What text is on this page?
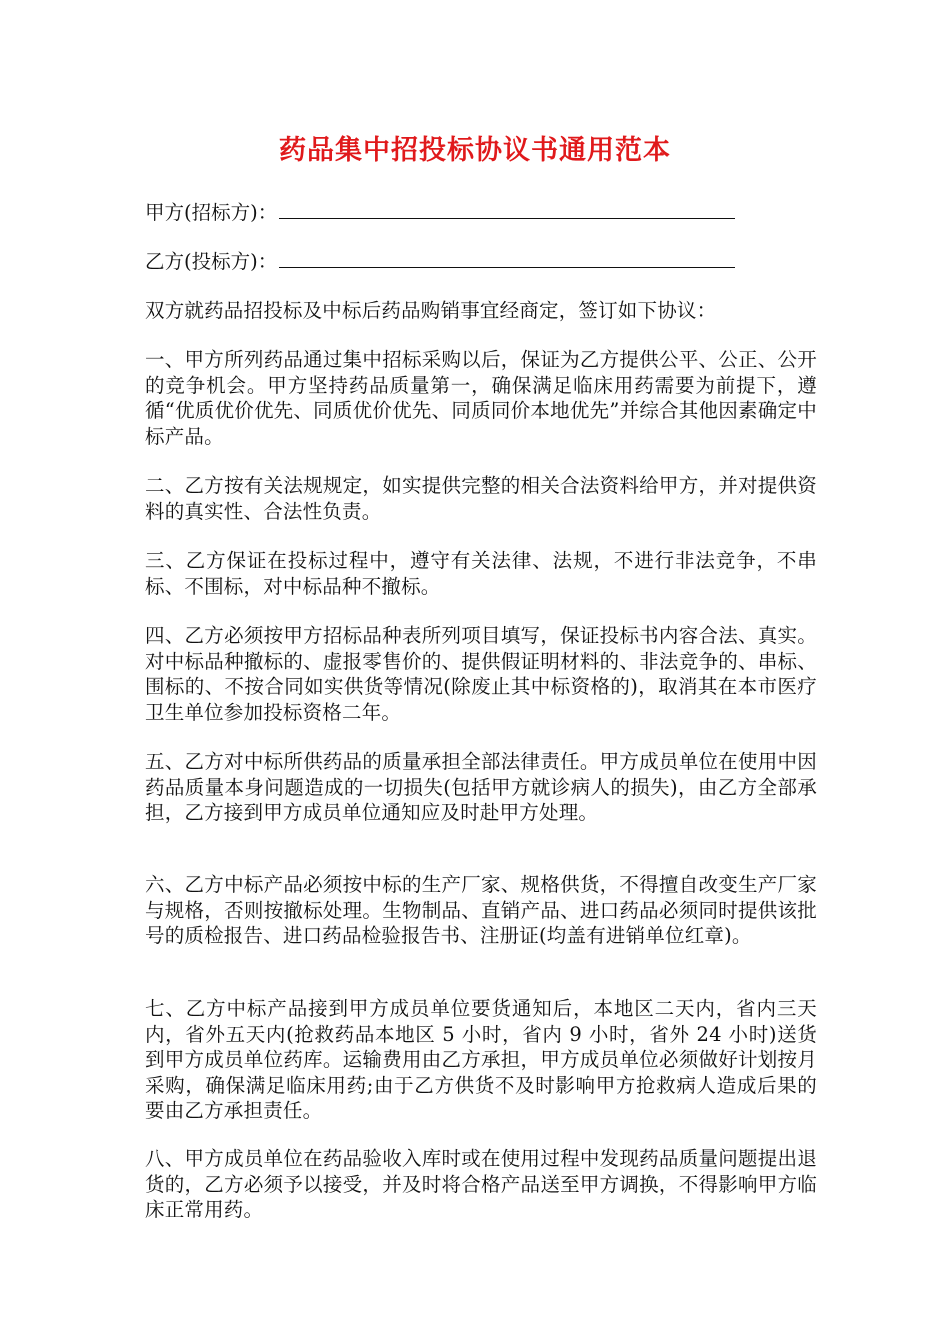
药品集中招投标协议书通用范本
甲方(招标方)：
乙方(投标方)：

双方就药品招投标及中标后药品购销事宜经商定，签订如下协议：

一、甲方所列药品通过集中招标采购以后，保证为乙方提供公平、公正、公开的竞争机会。甲方坚持药品质量第一，确保满足临床用药需要为前提下，遵循“优质优价优先、同质优价优先、同质同价本地优先”并综合其他因素确定中标产品。

二、乙方按有关法规规定，如实提供完整的相关合法资料给甲方，并对提供资料的真实性、合法性负责。

三、乙方保证在投标过程中，遵守有关法律、法规，不进行非法竞争，不串标、不围标，对中标品种不撤标。

四、乙方必须按甲方招标品种表所列项目填写，保证投标书内容合法、真实。对中标品种撤标的、虚报零售价的、提供假证明材料的、非法竞争的、串标、围标的、不按合同如实供货等情况(除废止其中标资格的)，取消其在本市医疗卫生单位参加投标资格二年。

五、乙方对中标所供药品的质量承担全部法律责任。甲方成员单位在使用中因药品质量本身问题造成的一切损失(包括甲方就诊病人的损失)，由乙方全部承担，乙方接到甲方成员单位通知应及时赴甲方处理。

六、乙方中标产品必须按中标的生产厂家、规格供货，不得擅自改变生产厂家与规格，否则按撤标处理。生物制品、直销产品、进口药品必须同时提供该批号的质检报告、进口药品检验报告书、注册证(均盖有进销单位红章)。

七、乙方中标产品接到甲方成员单位要货通知后，本地区二天内，省内三天内，省外五天内(抢救药品本地区 5 小时，省内 9 小时，省外 24 小时)送货到甲方成员单位药库。运输费用由乙方承担，甲方成员单位必须做好计划按月采购，确保满足临床用药;由于乙方供货不及时影响甲方抢救病人造成后果的要由乙方承担责任。

八、甲方成员单位在药品验收入库时或在使用过程中发现药品质量问题提出退货的，乙方必须予以接受，并及时将合格产品送至甲方调换，不得影响甲方临床正常用药。
